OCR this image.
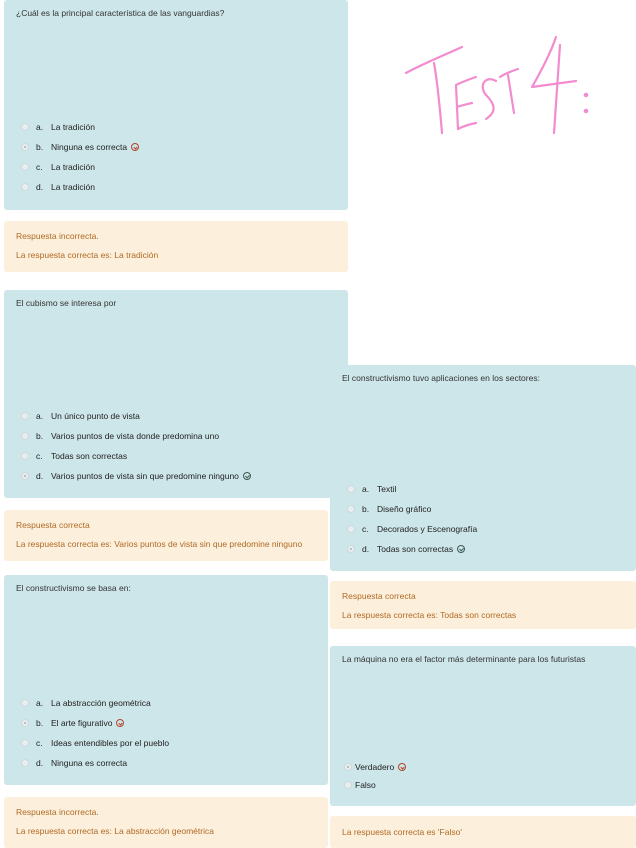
Test 4:
¿Cuál es la principal característica de las vanguardias?
a. La tradición
b. Ninguna es correcta
c. La tradición
d. La tradición
Respuesta incorrecta.
La respuesta correcta es: La tradición
El cubismo se interesa por
a. Un único punto de vista
b. Varios puntos de vista donde predomina uno
c. Todas son correctas
d. Varios puntos de vista sin que predomine ninguno
Respuesta correcta
La respuesta correcta es: Varios puntos de vista sin que predomine ninguno
El constructivismo se basa en:
a. La abstracción geométrica
b. El arte figurativo
c. Ideas entendibles por el pueblo
d. Ninguna es correcta
Respuesta incorrecta.
La respuesta correcta es: La abstracción geométrica
El constructivismo tuvo aplicaciones en los sectores:
a. Textil
b. Diseño gráfico
c. Decorados y Escenografía
d. Todas son correctas
Respuesta correcta
La respuesta correcta es: Todas son correctas
La máquina no era el factor más determinante para los futuristas
Verdadero
Falso
La respuesta correcta es 'Falso'
